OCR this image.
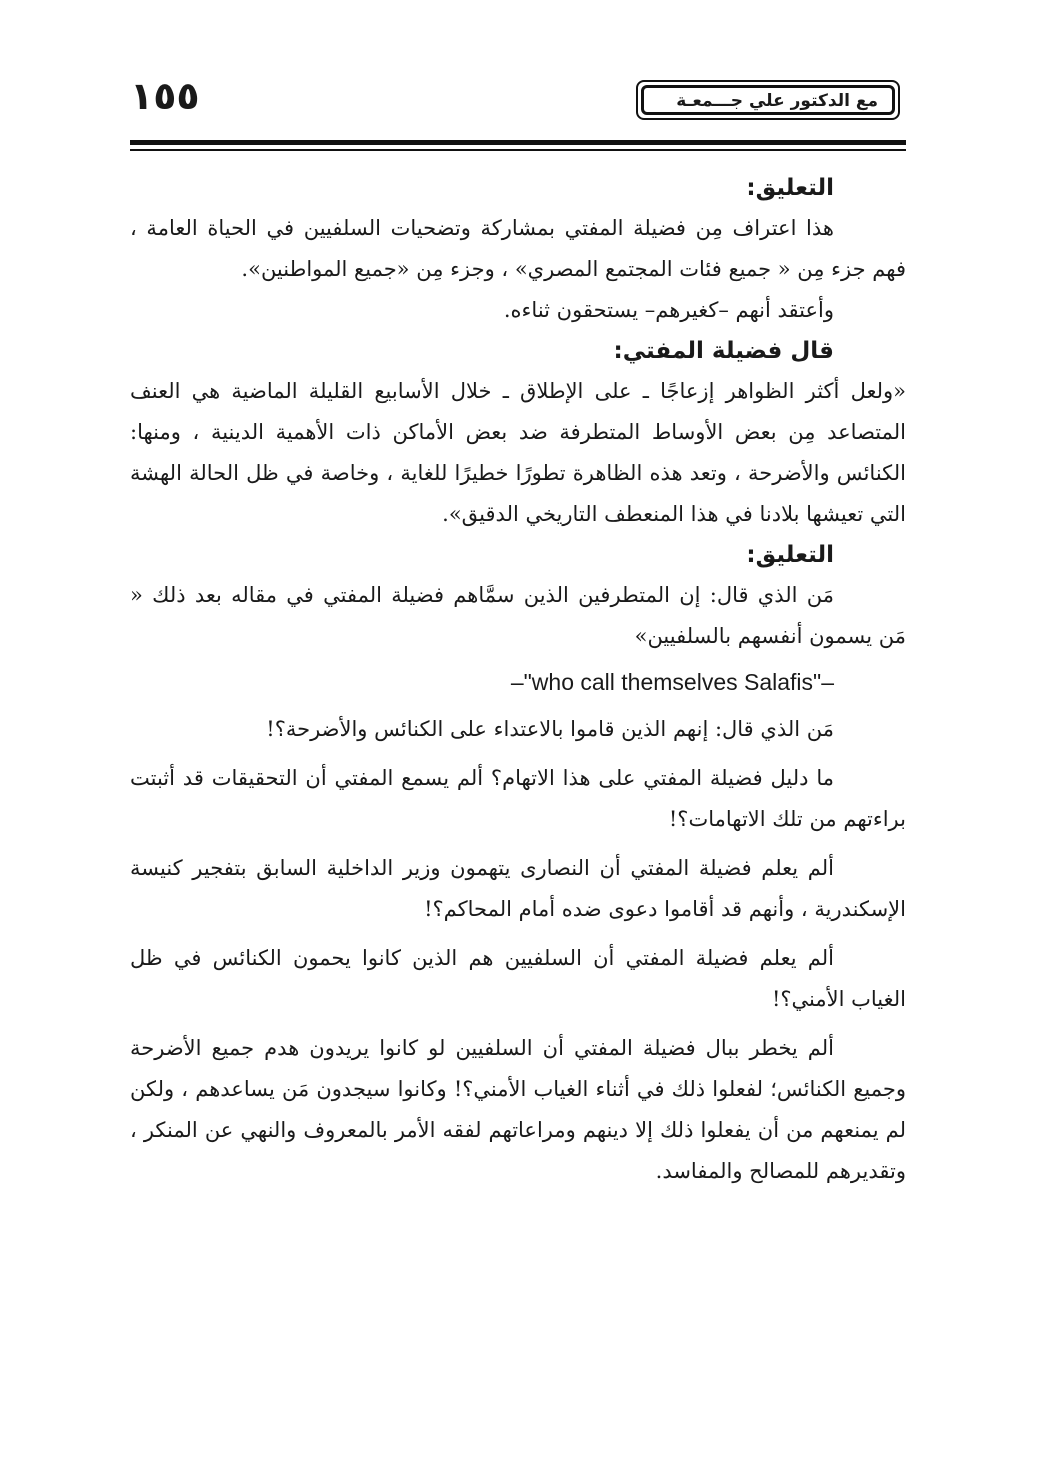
١٥٥	مع الدكتور علي جـــمعـة
التعليق:

هذا اعتراف مِن فضيلة المفتي بمشاركة وتضحيات السلفيين في الحياة العامة ، فهم جزء مِن « جميع فئات المجتمع المصري» ، وجزء مِن «جميع المواطنين».

وأعتقد أنهم –كغيرهم– يستحقون ثناءه.

قال فضيلة المفتي:

«ولعل أكثر الظواهر إزعاجًا ـ على الإطلاق ـ خلال الأسابيع القليلة الماضية هي العنف المتصاعد مِن بعض الأوساط المتطرفة ضد بعض الأماكن ذات الأهمية الدينية ، ومنها: الكنائس والأضرحة ، وتعد هذه الظاهرة تطورًا خطيرًا للغاية ، وخاصة في ظل الحالة الهشة التي تعيشها بلادنا في هذا المنعطف التاريخي الدقيق».

التعليق:

مَن الذي قال: إن المتطرفين الذين سمَّاهم فضيلة المفتي في مقاله بعد ذلك « مَن يسمون أنفسهم بالسلفيين»

–"who call themselves Salafis"–

مَن الذي قال: إنهم الذين قاموا بالاعتداء على الكنائس والأضرحة؟!

ما دليل فضيلة المفتي على هذا الاتهام؟ ألم يسمع المفتي أن التحقيقات قد أثبتت براءتهم من تلك الاتهامات؟!

ألم يعلم فضيلة المفتي أن النصارى يتهمون وزير الداخلية السابق بتفجير كنيسة الإسكندرية ، وأنهم قد أقاموا دعوى ضده أمام المحاكم؟!

ألم يعلم فضيلة المفتي أن السلفيين هم الذين كانوا يحمون الكنائس في ظل الغياب الأمني؟!

ألم يخطر ببال فضيلة المفتي أن السلفيين لو كانوا يريدون هدم جميع الأضرحة وجميع الكنائس؛ لفعلوا ذلك في أثناء الغياب الأمني؟! وكانوا سيجدون مَن يساعدهم ، ولكن لم يمنعهم من أن يفعلوا ذلك إلا دينهم ومراعاتهم لفقه الأمر بالمعروف والنهي عن المنكر ، وتقديرهم للمصالح والمفاسد.
